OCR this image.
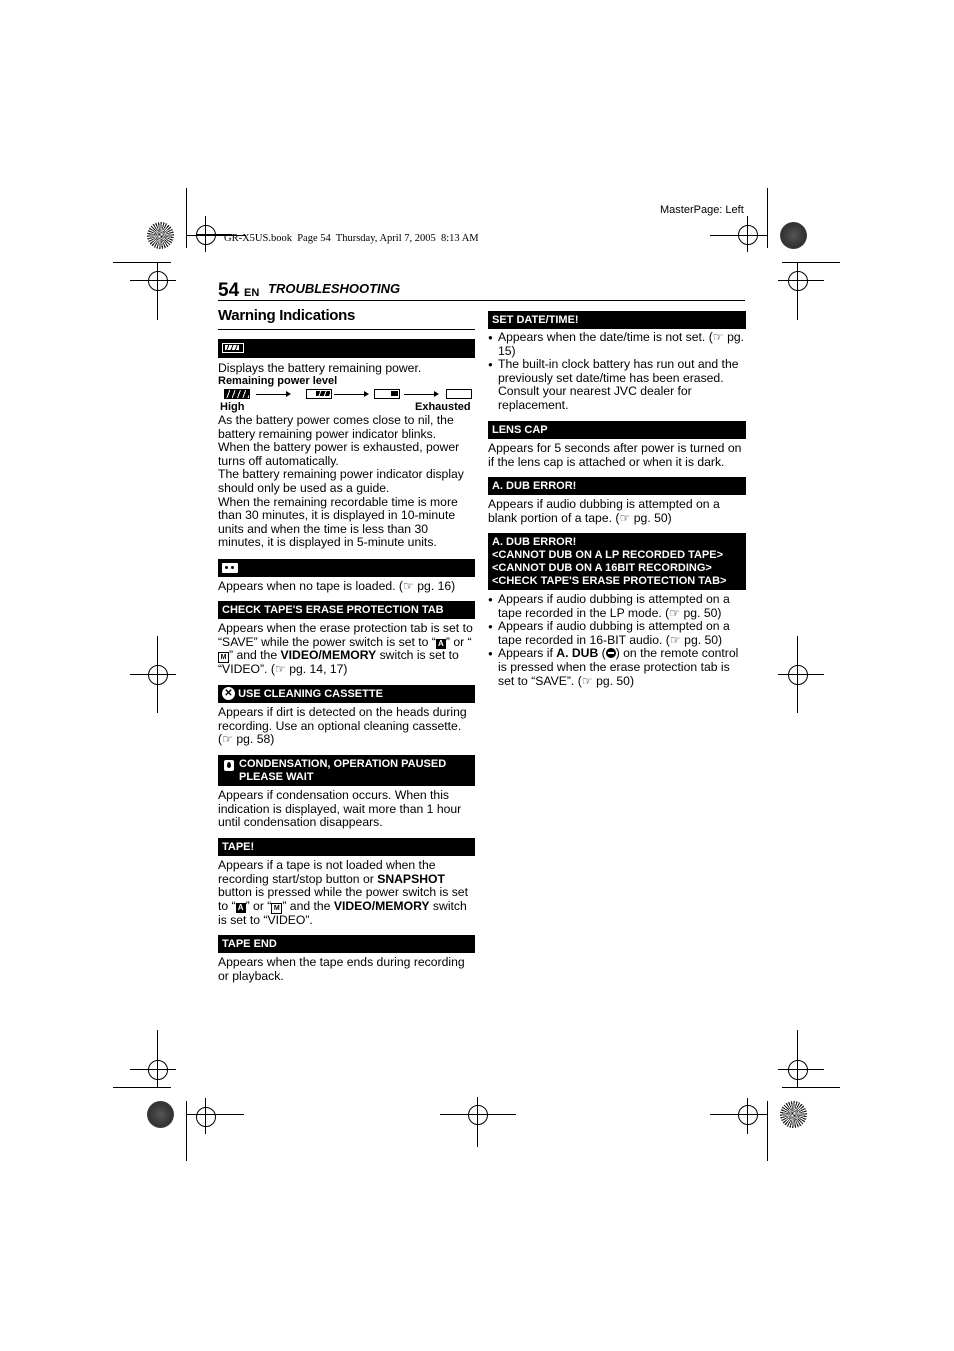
MasterPage: Left
GR-X5US.book  Page 54  Thursday, April 7, 2005  8:13 AM
54 EN TROUBLESHOOTING
Warning Indications

Displays the battery remaining power.

Remaining power level
High	Exhausted

As the battery power comes close to nil, the battery remaining power indicator blinks.

When the battery power is exhausted, power turns off automatically.

The battery remaining power indicator display should only be used as a guide.

When the remaining recordable time is more than 30 minutes, it is displayed in 10-minute units and when the time is less than 30 minutes, it is displayed in 5-minute units.

Appears when no tape is loaded. (☞ pg. 16)
CHECK TAPE'S ERASE PROTECTION TAB
Appears when the erase protection tab is set to “SAVE” while the power switch is set to “ A ” or “M ” and the VIDEO/MEMORY switch is set to “VIDEO”. (☞ pg. 14, 17)
✕ USE CLEANING CASSETTE
Appears if dirt is detected on the heads during recording. Use an optional cleaning cassette. (☞ pg. 58)
CONDENSATION, OPERATION PAUSED
PLEASE WAIT
Appears if condensation occurs. When this indication is displayed, wait more than 1 hour until condensation disappears.
TAPE!
Appears if a tape is not loaded when the recording start/stop button or SNAPSHOT button is pressed while the power switch is set to “ A ” or “ M ” and the VIDEO/MEMORY switch is set to “VIDEO”.
TAPE END
Appears when the tape ends during recording or playback.
SET DATE/TIME!

● Appears when the date/time is not set. (☞ pg. 15)

● The built-in clock battery has run out and the previously set date/time has been erased. Consult your nearest JVC dealer for replacement.

LENS CAP
Appears for 5 seconds after power is turned on if the lens cap is attached or when it is dark.
A. DUB ERROR!
Appears if audio dubbing is attempted on a blank portion of a tape. (☞ pg. 50)
A. DUB ERROR!
<CANNOT DUB ON A LP RECORDED TAPE>
<CANNOT DUB ON A 16BIT RECORDING>
<CHECK TAPE'S ERASE PROTECTION TAB>

● Appears if audio dubbing is attempted on a tape recorded in the LP mode. (☞ pg. 50)

● Appears if audio dubbing is attempted on a tape recorded in 16-BIT audio. (☞ pg. 50)

● Appears if A. DUB ( ) on the remote control is pressed when the erase protection tab is set to “SAVE”. (☞ pg. 50)
